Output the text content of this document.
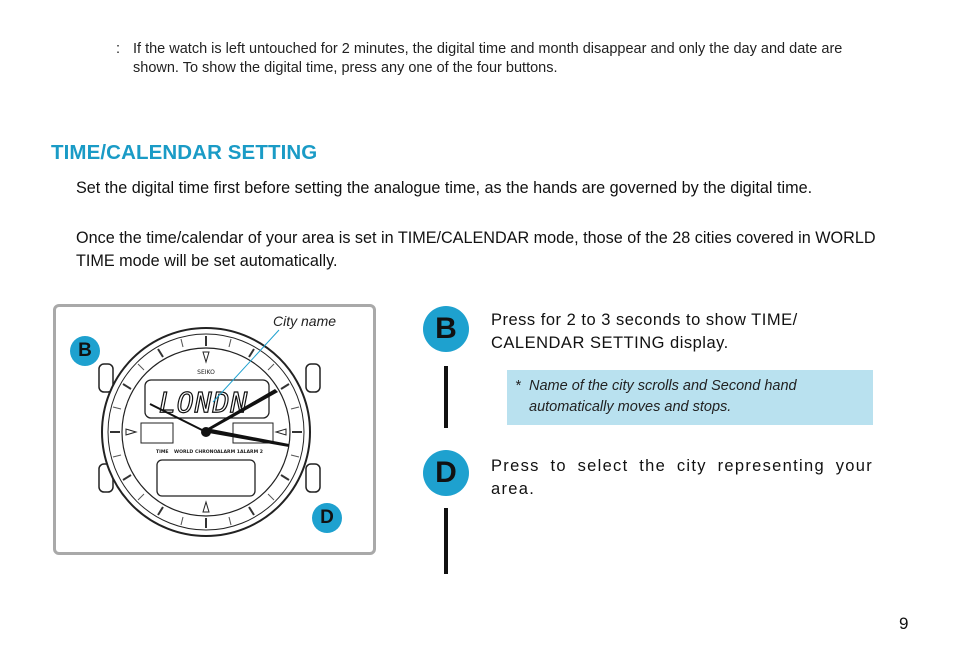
: If the watch is left untouched for 2 minutes, the digital time and month disappear and only the day and date are shown. To show the digital time, press any one of the four buttons.
TIME/CALENDAR SETTING
Set the digital time first before setting the analogue time, as the hands are governed by the digital time.
Once the time/calendar of your area is set in TIME/CALENDAR mode, those of the 28 cities covered in WORLD TIME mode will be set automatically.
LONDN
SEIKO
TIME WORLD CHRONO ALARM 1 ALARM 2
City name
B
D
B	Press for 2 to 3 seconds to show TIME/ CALENDAR SETTING display.
* Name of the city scrolls and Second hand automatically moves and stops.
D	Press to select the city representing your area.
9
